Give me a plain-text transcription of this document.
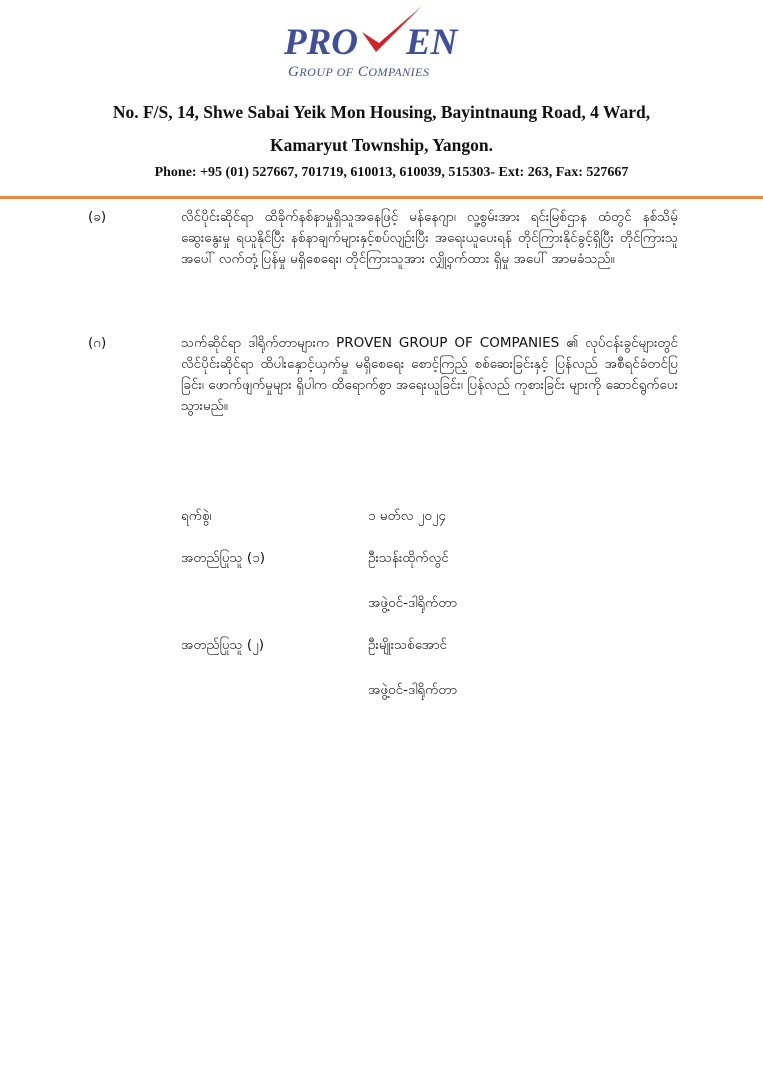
PRO EN
GROUP OF COMPANIES
No. F/S, 14, Shwe Sabai Yeik Mon Housing, Bayintnaung Road, 4 Ward,
Kamaryut Township, Yangon.
Phone: +95 (01) 527667, 701719, 610013, 610039, 515303- Ext: 263, Fax: 527667
(ခ)	လိင်ပိုင်းဆိုင်ရာ ထိခိုက်နစ်နာမှုရှိသူအနေဖြင့် မန်နေဂျာ၊ လူ့စွမ်းအား ရင်းမြစ်ဌာန ထံတွင် နစ်သိမ့်ဆွေးနွေးမှု ရယူနိုင်ပြီး နစ်နာချက်များနှင့်စပ်လျဉ်းပြီး အရေးယူပေးရန် တိုင်ကြားနိုင်ခွင့်ရှိပြီး တိုင်ကြားသူအပေါ် လက်တုံ့ပြန်မှု မရှိစေရေး၊ တိုင်ကြားသူအား လျှို့ဝှက်ထား ရှိမှု အပေါ် အာမခံသည်။
(ဂ)	သက်ဆိုင်ရာ ဒါရိုက်တာများက PROVEN GROUP OF COMPANIES ၏ လုပ်ငန်းခွင်များတွင် လိင်ပိုင်းဆိုင်ရာ ထိပါးနှောင့်ယှက်မှု မရှိစေရေး စောင့်ကြည့် စစ်ဆေးခြင်းနှင့် ပြန်လည် အစီရင်ခံတင်ပြခြင်း၊ ဖောက်ဖျက်မှုများ ရှိပါက ထိရောက်စွာ အရေးယူခြင်း၊ ပြန်လည် ကုစားခြင်း များကို ဆောင်ရွက်ပေးသွားမည်။
ရက်စွဲ၊	၁ မတ်လ ၂၀၂၄
အတည်ပြုသူ (၁)	ဦးသန်းထိုက်လွင်
အဖွဲ့ဝင်-ဒါရိုက်တာ
အတည်ပြုသူ (၂)	ဦးမျိုးသစ်အောင်
အဖွဲ့ဝင်-ဒါရိုက်တာ
